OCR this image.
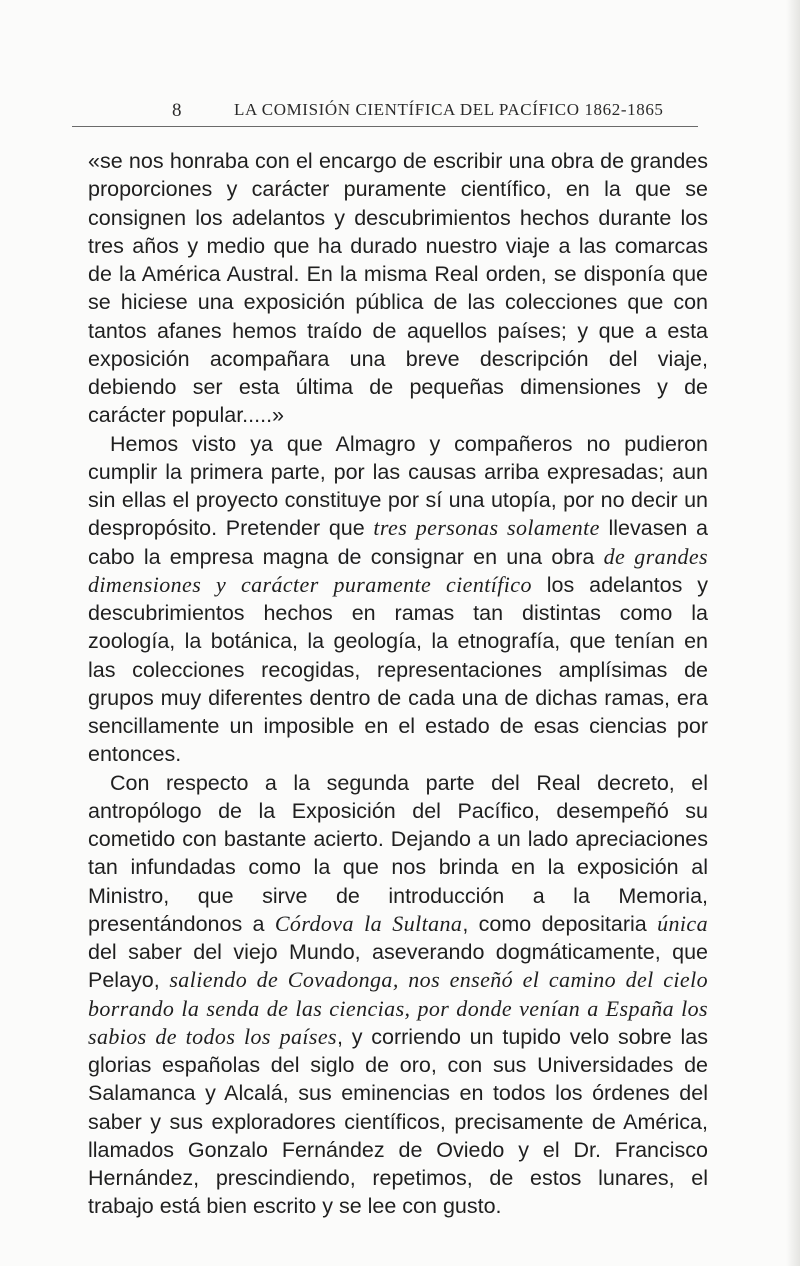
8	LA COMISIÓN CIENTÍFICA DEL PACÍFICO 1862-1865

«se nos honraba con el encargo de escribir una obra de grandes proporciones y carácter puramente científico, en la que se consignen los adelantos y descubrimientos hechos durante los tres años y medio que ha durado nuestro viaje a las comarcas de la América Austral. En la misma Real orden, se disponía que se hiciese una exposición pública de las colecciones que con tantos afanes hemos traído de aquellos países; y que a esta exposición acompañara una breve descripción del viaje, debiendo ser esta última de pequeñas dimensiones y de carácter popular.....»

Hemos visto ya que Almagro y compañeros no pudieron cumplir la primera parte, por las causas arriba expresadas; aun sin ellas el proyecto constituye por sí una utopía, por no decir un despropósito. Pretender que tres personas solamente llevasen a cabo la empresa magna de consignar en una obra de grandes dimensiones y carácter puramente científico los adelantos y descubrimientos hechos en ramas tan distintas como la zoología, la botánica, la geología, la etnografía, que tenían en las colecciones recogidas, representaciones amplísimas de grupos muy diferentes dentro de cada una de dichas ramas, era sencillamente un imposible en el estado de esas ciencias por entonces.

Con respecto a la segunda parte del Real decreto, el antropólogo de la Exposición del Pacífico, desempeñó su cometido con bastante acierto. Dejando a un lado apreciaciones tan infundadas como la que nos brinda en la exposición al Ministro, que sirve de introducción a la Memoria, presentándonos a Córdova la Sultana, como depositaria única del saber del viejo Mundo, aseverando dogmáticamente, que Pelayo, saliendo de Covadonga, nos enseñó el camino del cielo borrando la senda de las ciencias, por donde venían a España los sabios de todos los países, y corriendo un tupido velo sobre las glorias españolas del siglo de oro, con sus Universidades de Salamanca y Alcalá, sus eminencias en todos los órdenes del saber y sus exploradores científicos, precisamente de América, llamados Gonzalo Fernández de Oviedo y el Dr. Francisco Hernández, prescindiendo, repetimos, de estos lunares, el trabajo está bien escrito y se lee con gusto.
